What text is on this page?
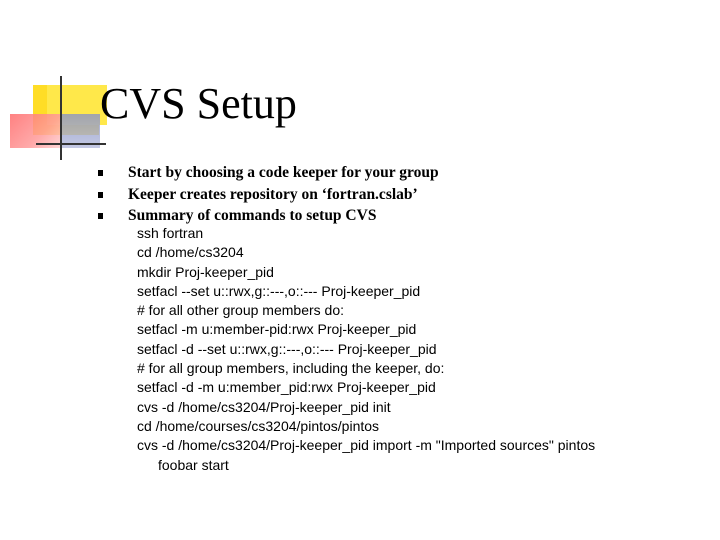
CVS Setup
Start by choosing a code keeper for your group
Keeper creates repository on ‘fortran.cslab’
Summary of commands to setup CVS
ssh fortran
cd /home/cs3204
mkdir Proj-keeper_pid
setfacl --set u::rwx,g::---,o::--- Proj-keeper_pid
# for all other group members do:
setfacl -m u:member-pid:rwx Proj-keeper_pid
setfacl -d --set u::rwx,g::---,o::--- Proj-keeper_pid
# for all group members, including the keeper, do:
setfacl -d -m u:member_pid:rwx Proj-keeper_pid
cvs -d /home/cs3204/Proj-keeper_pid init
cd /home/courses/cs3204/pintos/pintos
cvs -d /home/cs3204/Proj-keeper_pid import -m "Imported sources" pintos
foobar start
